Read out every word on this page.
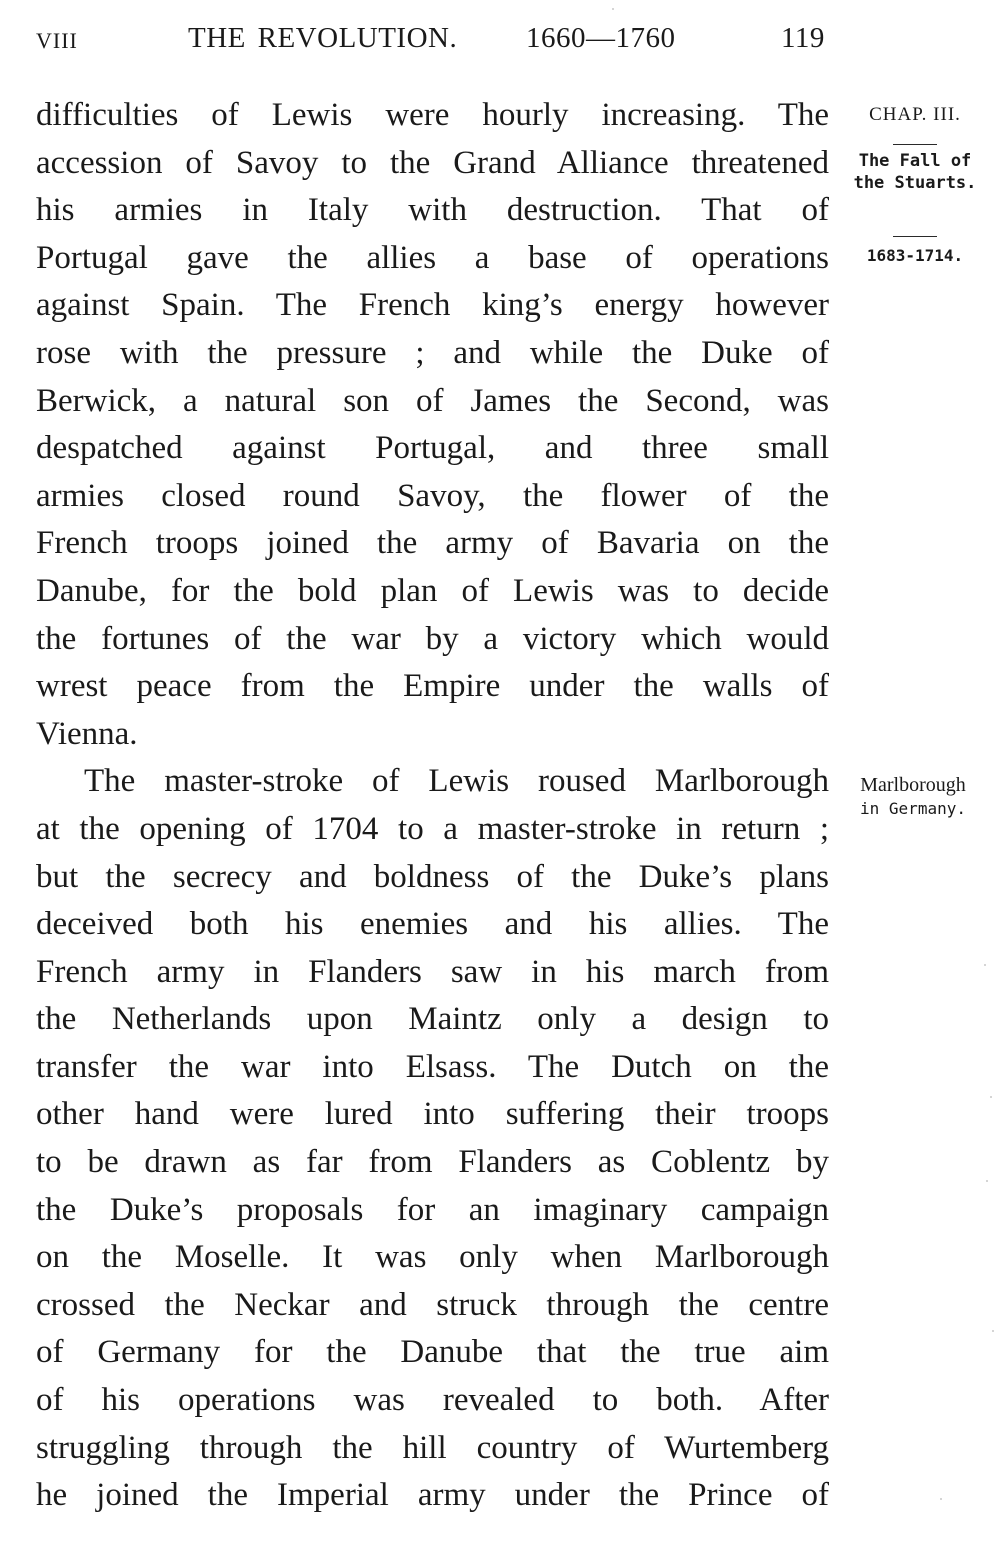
VIII	THE REVOLUTION. 1660—1760	119
difficulties of Lewis were hourly increasing. The
accession of Savoy to the Grand Alliance threatened
his armies in Italy with destruction. That of
Portugal gave the allies a base of operations
against Spain. The French king’s energy however
rose with the pressure ; and while the Duke of
Berwick, a natural son of James the Second, was
despatched against Portugal, and three small
armies closed round Savoy, the flower of the
French troops joined the army of Bavaria on the
Danube, for the bold plan of Lewis was to decide
the fortunes of the war by a victory which would
wrest peace from the Empire under the walls of
Vienna.
The master-stroke of Lewis roused Marlborough
at the opening of 1704 to a master-stroke in return ;
but the secrecy and boldness of the Duke’s plans
deceived both his enemies and his allies. The
French army in Flanders saw in his march from
the Netherlands upon Maintz only a design to
transfer the war into Elsass. The Dutch on the
other hand were lured into suffering their troops
to be drawn as far from Flanders as Coblentz by
the Duke’s proposals for an imaginary campaign
on the Moselle. It was only when Marlborough
crossed the Neckar and struck through the centre
of Germany for the Danube that the true aim
of his operations was revealed to both. After
struggling through the hill country of Wurtemberg
he joined the Imperial army under the Prince of
CHAP. III.
The Fall of the Stuarts.
1683-1714.
Marlborough
in Germany.
